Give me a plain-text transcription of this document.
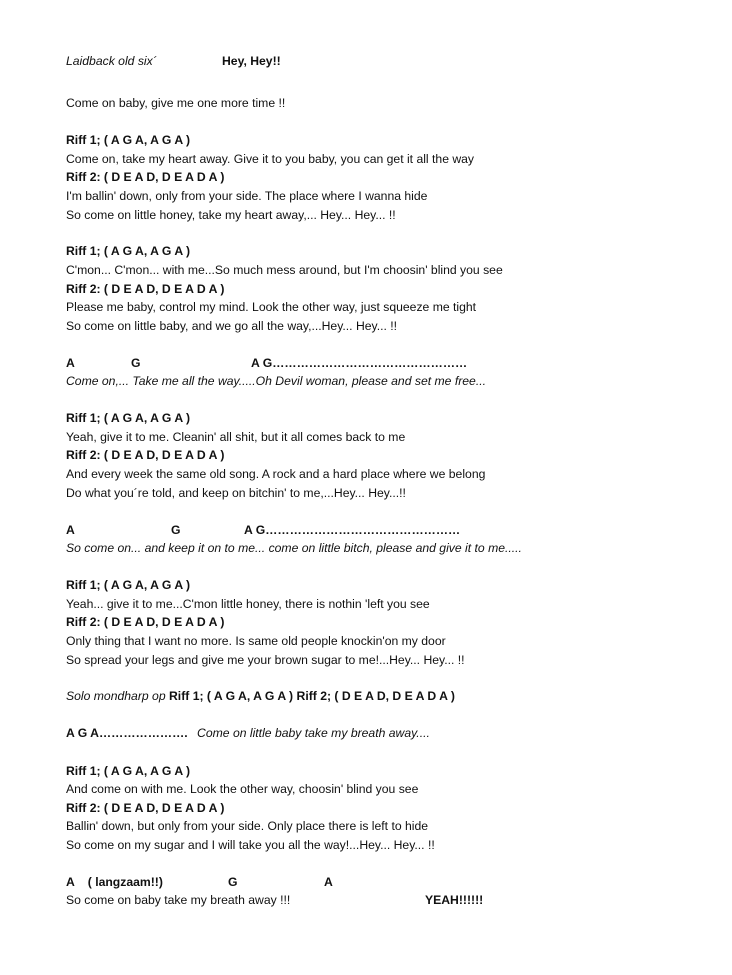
Laidback old six´	Hey, Hey!!
Come on baby, give me one more time !!
Riff 1; ( A G A, A G A )
Come on, take my heart away. Give it to you baby, you can get it all the way
Riff 2: ( D E A D, D E A D A )
I'm ballin' down, only from your side. The place where I wanna hide
So come on little honey, take my heart away,... Hey... Hey... !!
Riff 1; ( A G A, A G A )
C'mon... C'mon... with me...So much mess around, but I'm choosin' blind you see
Riff 2: ( D E A D, D E A D A )
Please me baby, control my mind. Look the other way, just squeeze me tight
So come on little baby, and we go all the way,...Hey... Hey... !!
A	G	A G…………………………………………
Come on,... Take me all the way.....Oh Devil woman, please and set me free...
Riff 1; ( A G A, A G A )
Yeah, give it to me. Cleanin' all shit, but it all comes back to me
Riff 2: ( D E A D, D E A D A )
And every week the same old song. A rock and a hard place where we belong
Do what you´re told, and keep on bitchin' to me,...Hey... Hey...!!
A	G	A G…………………………………………
So come on... and keep it on to me... come on little bitch, please and give it to me.....
Riff 1; ( A G A, A G A )
Yeah... give it to me...C'mon little honey, there is nothin 'left you see
Riff 2: ( D E A D, D E A D A )
Only thing that I want no more. Is same old people knockin'on my door
So spread your legs and give me your brown sugar to me!...Hey... Hey... !!
Solo mondharp op Riff 1; ( A G A, A G A ) Riff 2; ( D E A D, D E A D A )
A G A…………………. Come on little baby take my breath away....
Riff 1; ( A G A, A G A )
And come on with me. Look the other way, choosin' blind you see
Riff 2: ( D E A D, D E A D A )
Ballin' down, but only from your side. Only place there is left to hide
So come on my sugar and I will take you all the way!...Hey... Hey... !!
A ( langzaam!!)	G	A
So come on baby take my breath away !!!	YEAH!!!!!!
